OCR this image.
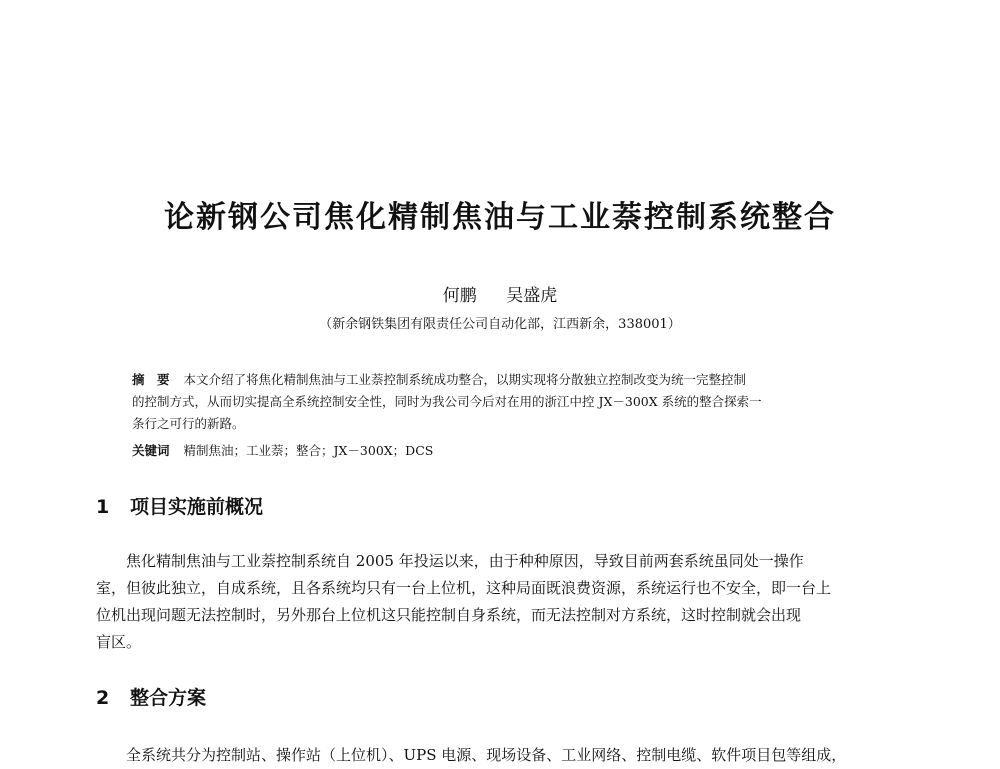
论新钢公司焦化精制焦油与工业萘控制系统整合
何鹏 吴盛虎
（新余钢铁集团有限责任公司自动化部，江西新余，338001）
摘　要 本文介绍了将焦化精制焦油与工业萘控制系统成功整合，以期实现将分散独立控制改变为统一完整控制
的控制方式，从而切实提高全系统控制安全性，同时为我公司今后对在用的浙江中控 JX－300X 系统的整合探索一
条行之可行的新路。
关键词 精制焦油；工业萘；整合；JX－300X；DCS
1 项目实施前概况
焦化精制焦油与工业萘控制系统自 2005 年投运以来，由于种种原因，导致目前两套系统虽同处一操作
室，但彼此独立，自成系统，且各系统均只有一台上位机，这种局面既浪费资源，系统运行也不安全，即一台上
位机出现问题无法控制时，另外那台上位机这只能控制自身系统，而无法控制对方系统，这时控制就会出现
盲区。
2 整合方案
全系统共分为控制站、操作站（上位机）、UPS 电源、现场设备、工业网络、控制电缆、软件项目包等组成，
